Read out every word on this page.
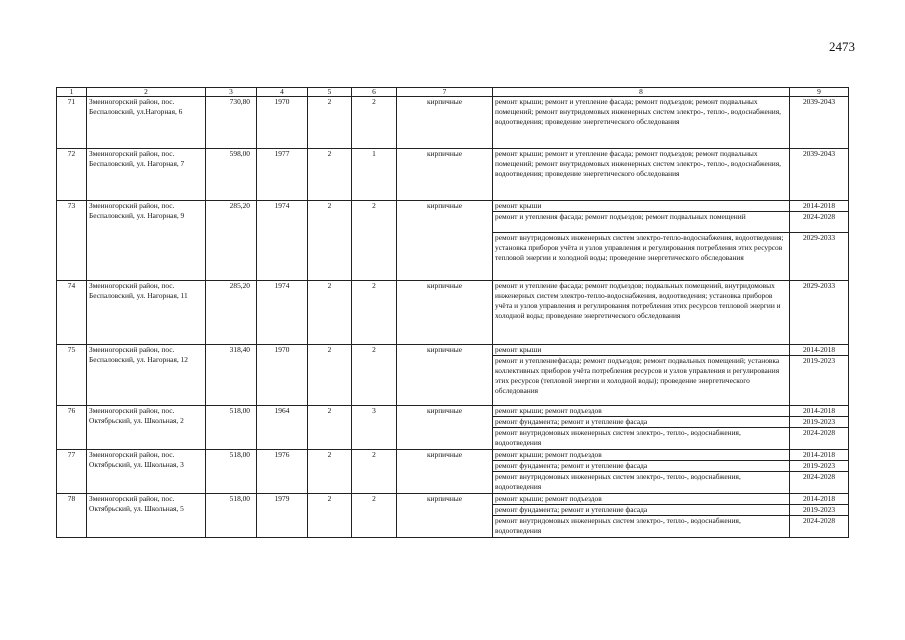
2473
1	2	3	4	5	6	7	8	9
71	Змеиногорский район, пос. Беспаловский, ул.Нагорная, 6	730,80	1970	2	2	кирпичные	ремонт крыши; ремонт и утепление фасада; ремонт подъездов; ремонт подвальных помещений; ремонт внутридомовых инженерных систем электро-, тепло-, водоснабжения, водоотведения; проведение энергетического обследования	2039-2043
72	Змеиногорский район, пос. Беспаловский, ул. Нагорная, 7	598,00	1977	2	1	кирпичные	ремонт крыши; ремонт и утепление фасада; ремонт подъездов; ремонт подвальных помещений; ремонт внутридомовых инженерных систем электро-, тепло-, водоснабжения, водоотведения; проведение энергетического обследования	2039-2043
73	Змеиногорский район, пос. Беспаловский, ул. Нагорная, 9	285,20	1974	2	2	кирпичные	ремонт крыши	2014-2018
							ремонт и утепления фасада; ремонт подъездов; ремонт подвальных помещений	2024-2028
							ремонт внутридомовых инженерных систем электро-тепло-водоснабжения, водоотведения; установка приборов учёта и узлов управления и регулирования потребления этих ресурсов тепловой энергии и холодной воды; проведение энергетического обследования	2029-2033
74	Змеиногорский район, пос. Беспаловский, ул. Нагорная, 11	285,20	1974	2	2	кирпичные	ремонт и утепление фасада; ремонт подъездов; подвальных помещений, внутридомовых инженерных систем электро-тепло-водоснабжения, водоотведения; установка приборов учёта и узлов управления и регулирования потребления этих ресурсов тепловой энергии и холодной воды; проведение энергетического обследования	2029-2033
75	Змеиногорский район, пос. Беспаловский, ул. Нагорная, 12	318,40	1970	2	2	кирпичные	ремонт крыши	2014-2018
							ремонт и утеплениефасада; ремонт подъездов; ремонт подвальных помещений; установка коллективных приборов учёта потребления ресурсов и узлов управления и регулирования этих ресурсов (тепловой энергии и холодной воды); проведение энергетического обследования	2019-2023
76	Змеиногорский район, пос. Октябрьский, ул. Школьная, 2	518,00	1964	2	3	кирпичные	ремонт крыши; ремонт подъездов	2014-2018
							ремонт фундамента; ремонт и утепление фасада	2019-2023
							ремонт внутридомовых инженерных систем электро-, тепло-, водоснабжения, водоотведения	2024-2028
77	Змеиногорский район, пос. Октябрьский, ул. Школьная, 3	518,00	1976	2	2	кирпичные	ремонт крыши; ремонт подъездов	2014-2018
							ремонт фундамента; ремонт и утепление фасада	2019-2023
							ремонт внутридомовых инженерных систем электро-, тепло-, водоснабжения, водоотведения	2024-2028
78	Змеиногорский район, пос. Октябрьский, ул. Школьная, 5	518,00	1979	2	2	кирпичные	ремонт крыши; ремонт подъездов	2014-2018
							ремонт фундамента; ремонт и утепление фасада	2019-2023
							ремонт внутридомовых инженерных систем электро-, тепло-, водоснабжения, водоотведения	2024-2028
